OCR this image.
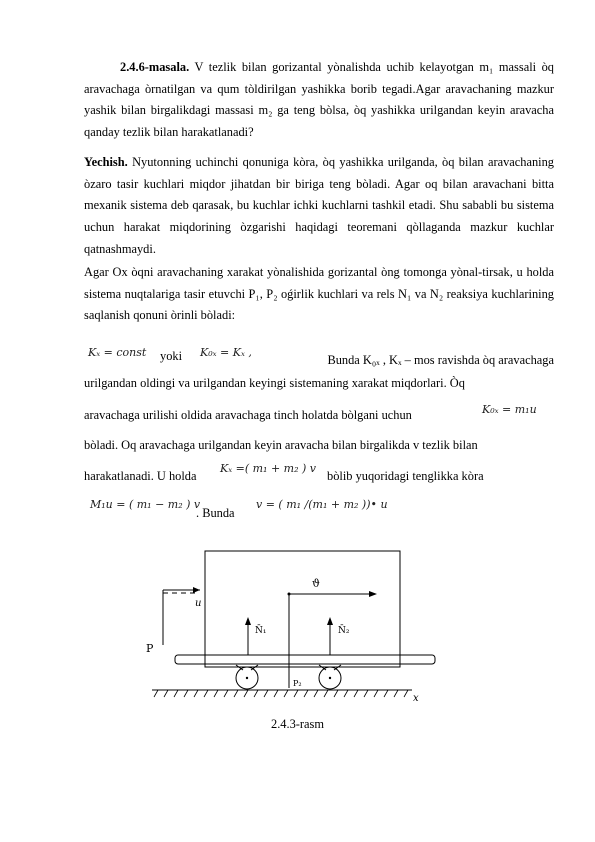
2.4.6-masala. V tezlik bilan gorizantal yònalishda uchib kelayotgan m₁ massali òq aravachaga òrnatilgan va qum tòldirilgan yashikka borib tegadi.Agar aravachaning mazkur yashik bilan birgalikdagi massasi m₂ ga teng bòlsa, òq yashikka urilgandan keyin aravacha qanday tezlik bilan harakatlanadi?

Yechish. Nyutonning uchinchi qonuniga kòra, òq yashikka urilganda, òq bilan aravachaning òzaro tasir kuchlari miqdor jihatdan bir biriga teng bòladi. Agar oq bilan aravachani bitta mexanik sistema deb qarasak, bu kuchlar ichki kuchlarni tashkil etadi. Shu sababli bu sistema uchun harakat miqdorining òzgarishi haqidagi teoremani qòllaganda mazkur kuchlar qatnashmaydi.

Agar Ox òqni aravachaning xarakat yònalishida gorizantal òng tomonga yònal-tirsak, u holda sistema nuqtalariga tasir etuvchi P₁, P₂ oǵirlik kuchlari va rels N₁ va N₂ reaksiya kuchlarining saqlanish qonuni òrinli bòladi:

Kₓ = const yoki K₀ₓ = Kₓ ,
Bunda K₀ₓ , Kₓ – mos ravishda òq aravachaga
urilgandan oldingi va urilgandan keyingi sistemaning xarakat miqdorlari. Òq
aravachaga urilishi oldida aravachaga tinch holatda bòlgani uchun	K₀ₓ = m₁u
bòladi. Oq aravachaga urilgandan keyin aravacha bilan birgalikda v tezlik bilan
harakatlanadi. U holda
Kₓ =( m₁ + m₂ ) v
bòlib yuqoridagi tenglikka kòra
M₁u = ( m₁ − m₂ ) v
. Bunda
v = ( m₁ /(m₁ + m₂ ))• u
u
ϑ
N̄₁	N̄₂
P
P₂
x
2.4.3-rasm
